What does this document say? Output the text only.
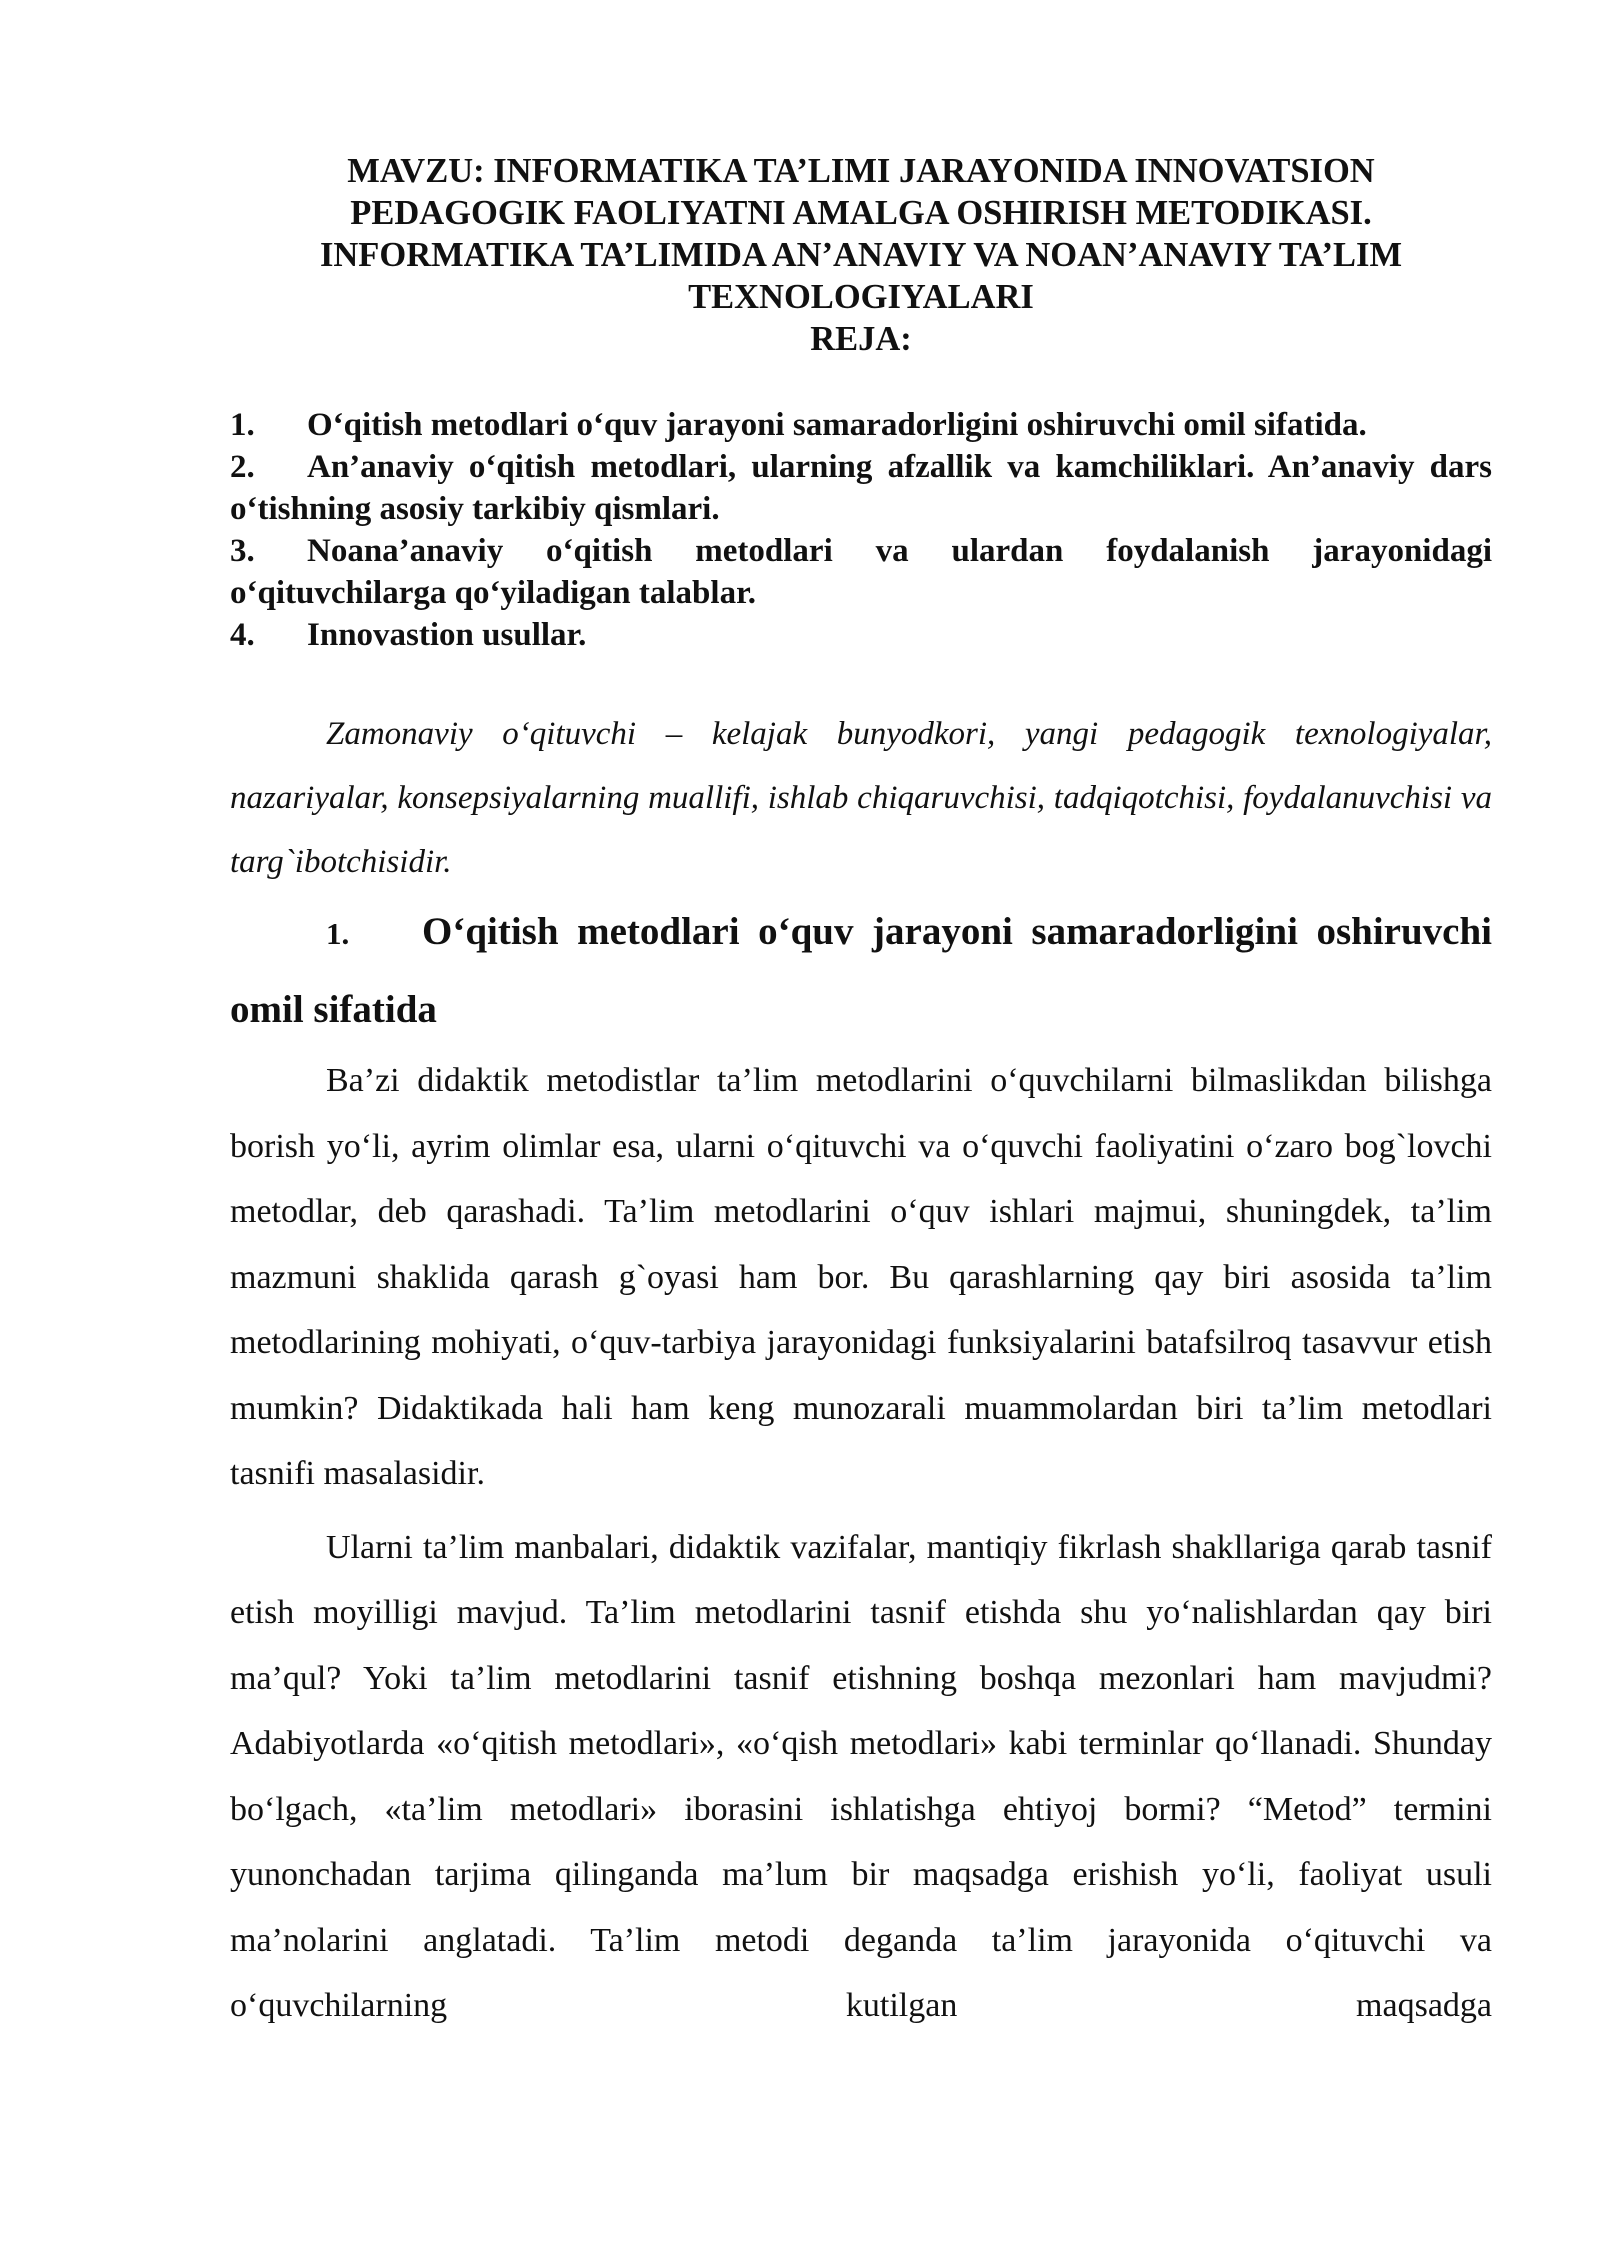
MAVZU: INFORMATIKA TA’LIMI JARAYONIDA INNOVATSION
PEDAGOGIK FAOLIYATNI AMALGA OSHIRISH METODIKASI.
INFORMATIKA TA’LIMIDA AN’ANAVIY VA NOAN’ANAVIY TA’LIM
TEXNOLOGIYALARI

REJA:

1. O‘qitish metodlari o‘quv jarayoni samaradorligini oshiruvchi omil sifatida.
2. An’anaviy o‘qitish metodlari, ularning afzallik va kamchiliklari. An’anaviy dars o‘tishning asosiy tarkibiy qismlari.
3. Noana’anaviy o‘qitish metodlari va ulardan foydalanish jarayonidagi o‘qituvchilarga qo‘yiladigan talablar.
4. Innovastion usullar.

Zamonaviy o‘qituvchi – kelajak bunyodkori, yangi pedagogik texnologiyalar, nazariyalar, konsepsiyalarning muallifi, ishlab chiqaruvchisi, tadqiqotchisi, foydalanuvchisi va targ`ibotchisidir.

1. O‘qitish metodlari o‘quv jarayoni samaradorligini oshiruvchi omil sifatida

Ba’zi didaktik metodistlar ta’lim metodlarini o‘quvchilarni bilmaslikdan bilishga borish yo‘li, ayrim olimlar esa, ularni o‘qituvchi va o‘quvchi faoliyatini o‘zaro bog`lovchi metodlar, deb qarashadi. Ta’lim metodlarini o‘quv ishlari majmui, shuningdek, ta’lim mazmuni shaklida qarash g`oyasi ham bor. Bu qarashlarning qay biri asosida ta’lim metodlarining mohiyati, o‘quv-tarbiya jarayonidagi funksiyalarini batafsilroq tasavvur etish mumkin? Didaktikada hali ham keng munozarali muammolardan biri ta’lim metodlari tasnifi masalasidir.

Ularni ta’lim manbalari, didaktik vazifalar, mantiqiy fikrlash shakllariga qarab tasnif etish moyilligi mavjud. Ta’lim metodlarini tasnif etishda shu yo‘nalishlardan qay biri ma’qul? Yoki ta’lim metodlarini tasnif etishning boshqa mezonlari ham mavjudmi? Adabiyotlarda «o‘qitish metodlari», «o‘qish metodlari» kabi terminlar qo‘llanadi. Shunday bo‘lgach, «ta’lim metodlari» iborasini ishlatishga ehtiyoj bormi? “Metod” termini yunonchadan tarjima qilinganda ma’lum bir maqsadga erishish yo‘li, faoliyat usuli ma’nolarini anglatadi. Ta’lim metodi deganda ta’lim jarayonida o‘qituvchi va o‘quvchilarning kutilgan maqsadga
